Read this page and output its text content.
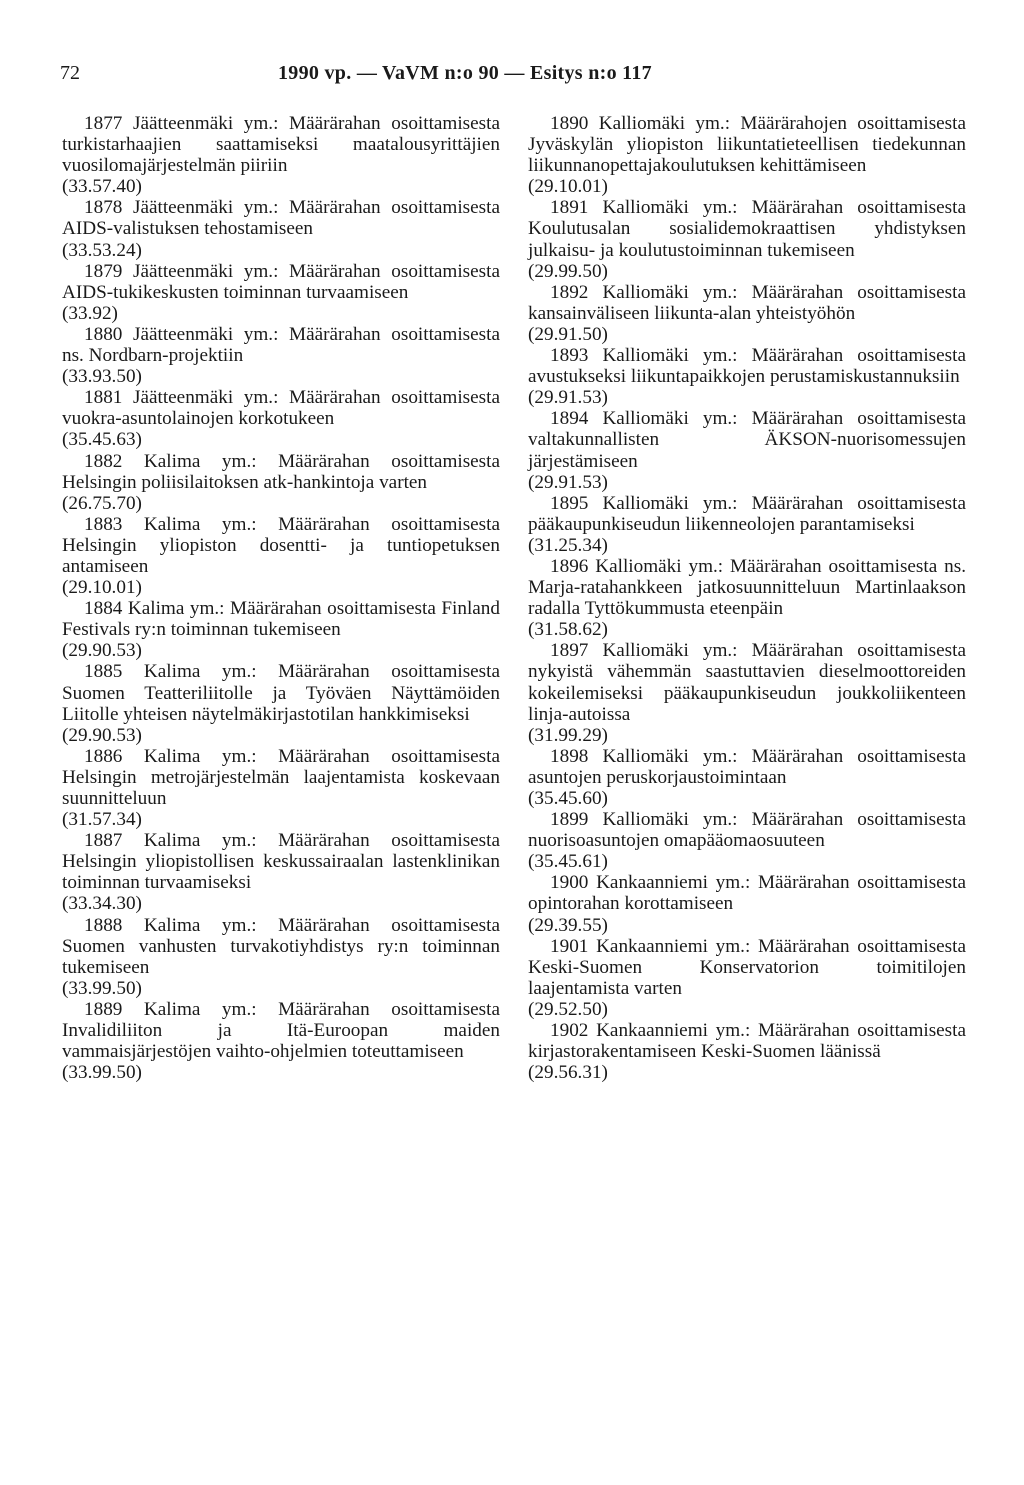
72	1990 vp. — VaVM n:o 90 — Esitys n:o 117
1877 Jäätteenmäki ym.: Määrärahan osoittamisesta turkistarhaajien saattamiseksi maatalousyrittäjien vuosilomajärjestelmän piiriin
(33.57.40)
1878 Jäätteenmäki ym.: Määrärahan osoittamisesta AIDS-valistuksen tehostamiseen
(33.53.24)
1879 Jäätteenmäki ym.: Määrärahan osoittamisesta AIDS-tukikeskusten toiminnan turvaamiseen
(33.92)
1880 Jäätteenmäki ym.: Määrärahan osoittamisesta ns. Nordbarn-projektiin
(33.93.50)
1881 Jäätteenmäki ym.: Määrärahan osoittamisesta vuokra-asuntolainojen korkotukeen
(35.45.63)
1882 Kalima ym.: Määrärahan osoittamisesta Helsingin poliisilaitoksen atk-hankintoja varten
(26.75.70)
1883 Kalima ym.: Määrärahan osoittamisesta Helsingin yliopiston dosentti- ja tuntiopetuksen antamiseen
(29.10.01)
1884 Kalima ym.: Määrärahan osoittamisesta Finland Festivals ry:n toiminnan tukemiseen
(29.90.53)
1885 Kalima ym.: Määrärahan osoittamisesta Suomen Teatteriliitolle ja Työväen Näyttämöiden Liitolle yhteisen näytelmäkirjastotilan hankkimiseksi
(29.90.53)
1886 Kalima ym.: Määrärahan osoittamisesta Helsingin metrojärjestelmän laajentamista koskevaan suunnitteluun
(31.57.34)
1887 Kalima ym.: Määrärahan osoittamisesta Helsingin yliopistollisen keskussairaalan lastenklinikan toiminnan turvaamiseksi
(33.34.30)
1888 Kalima ym.: Määrärahan osoittamisesta Suomen vanhusten turvakotiyhdistys ry:n toiminnan tukemiseen
(33.99.50)
1889 Kalima ym.: Määrärahan osoittamisesta Invalidiliiton ja Itä-Euroopan maiden vammaisjärjestöjen vaihto-ohjelmien toteuttamiseen
(33.99.50)
1890 Kalliomäki ym.: Määrärahojen osoittamisesta Jyväskylän yliopiston liikuntatieteellisen tiedekunnan liikunnanopettajakoulutuksen kehittämiseen
(29.10.01)
1891 Kalliomäki ym.: Määrärahan osoittamisesta Koulutusalan sosialidemokraattisen yhdistyksen julkaisu- ja koulutustoiminnan tukemiseen
(29.99.50)
1892 Kalliomäki ym.: Määrärahan osoittamisesta kansainväliseen liikunta-alan yhteistyöhön
(29.91.50)
1893 Kalliomäki ym.: Määrärahan osoittamisesta avustukseksi liikuntapaikkojen perustamiskustannuksiin
(29.91.53)
1894 Kalliomäki ym.: Määrärahan osoittamisesta valtakunnallisten ÄKSON-nuorisomessujen järjestämiseen
(29.91.53)
1895 Kalliomäki ym.: Määrärahan osoittamisesta pääkaupunkiseudun liikenneolojen parantamiseksi
(31.25.34)
1896 Kalliomäki ym.: Määrärahan osoittamisesta ns. Marja-ratahankkeen jatkosuunnitteluun Martinlaakson radalla Tyttökummusta eteenpäin
(31.58.62)
1897 Kalliomäki ym.: Määrärahan osoittamisesta nykyistä vähemmän saastuttavien dieselmoottoreiden kokeilemiseksi pääkaupunkiseudun joukkoliikenteen linja-autoissa
(31.99.29)
1898 Kalliomäki ym.: Määrärahan osoittamisesta asuntojen peruskorjaustoimintaan
(35.45.60)
1899 Kalliomäki ym.: Määrärahan osoittamisesta nuorisoasuntojen omapääomaosuuteen
(35.45.61)
1900 Kankaanniemi ym.: Määrärahan osoittamisesta opintorahan korottamiseen
(29.39.55)
1901 Kankaanniemi ym.: Määrärahan osoittamisesta Keski-Suomen Konservatorion toimitilojen laajentamista varten
(29.52.50)
1902 Kankaanniemi ym.: Määrärahan osoittamisesta kirjastorakentamiseen Keski-Suomen läänissä
(29.56.31)
